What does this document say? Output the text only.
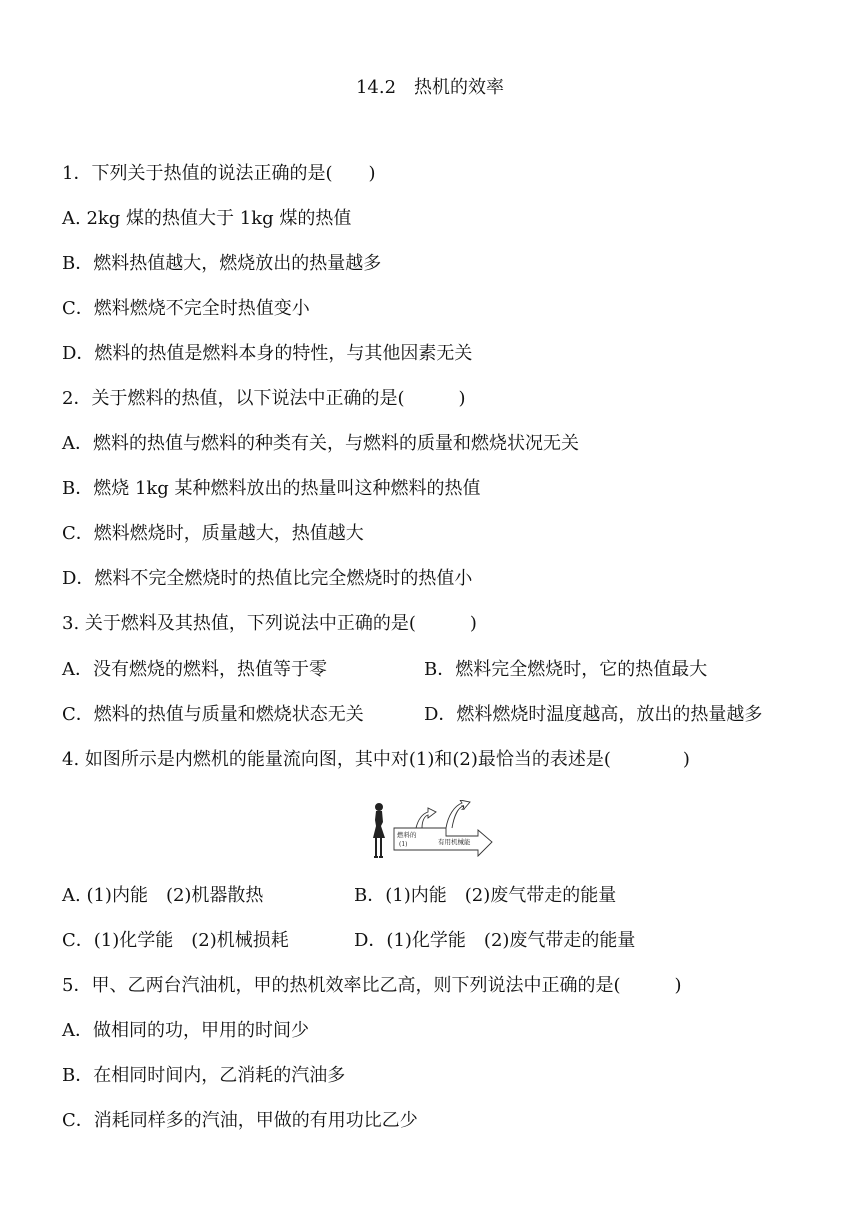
14.2　热机的效率
1．下列关于热值的说法正确的是(　　)
A. 2kg 煤的热值大于 1kg 煤的热值
B．燃料热值越大，燃烧放出的热量越多
C．燃料燃烧不完全时热值变小
D．燃料的热值是燃料本身的特性，与其他因素无关
2．关于燃料的热值，以下说法中正确的是(　　　)
A．燃料的热值与燃料的种类有关，与燃料的质量和燃烧状况无关
B．燃烧 1kg 某种燃料放出的热量叫这种燃料的热值
C．燃料燃烧时，质量越大，热值越大
D．燃料不完全燃烧时的热值比完全燃烧时的热值小
3. 关于燃料及其热值，下列说法中正确的是(　　　)
A．没有燃烧的燃料，热值等于零	B．燃料完全燃烧时，它的热值最大
C．燃料的热值与质量和燃烧状态无关	D．燃料燃烧时温度越高，放出的热量越多
4. 如图所示是内燃机的能量流向图，其中对(1)和(2)最恰当的表述是(　　　　)
燃料的
(1)	有用机械能
2
A. (1)内能　(2)机器散热	B．(1)内能　(2)废气带走的能量
C．(1)化学能　(2)机械损耗	D．(1)化学能　(2)废气带走的能量
5．甲、乙两台汽油机，甲的热机效率比乙高，则下列说法中正确的是(　　　)
A．做相同的功，甲用的时间少
B．在相同时间内，乙消耗的汽油多
C．消耗同样多的汽油，甲做的有用功比乙少
